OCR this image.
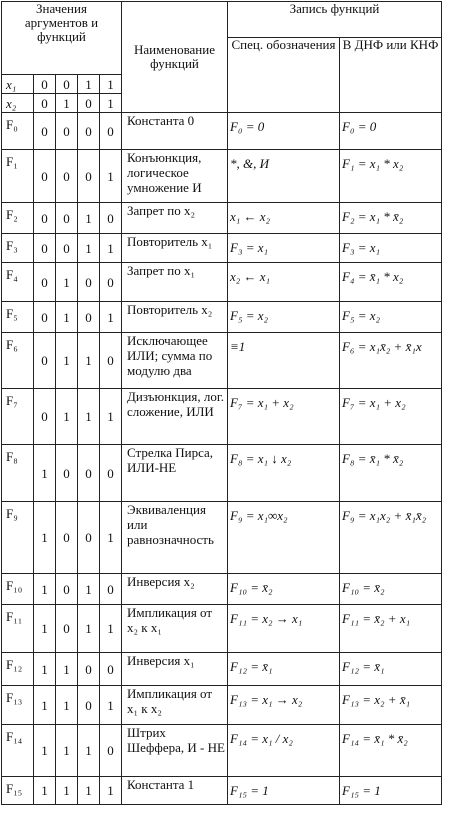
Значения аргументов и функций					Наименование функций	Запись функций	
						Спец. обозначения	В ДНФ или КНФ
x₁	0	0	1	1			
x₂	0	1	0	1			
F₀	0	0	0	0	Константа 0	F₀ = 0	F₀ = 0
F₁	0	0	0	1	Конъюнкция, логическое умножение И	*, &, И	F₁ = x₁ * x₂
F₂	0	0	1	0	Запрет по x₂	x₁ ← x₂	F₂ = x₁ * x̄₂
F₃	0	0	1	1	Повторитель x₁	F₃ = x₁	F₃ = x₁
F₄	0	1	0	0	Запрет по x₁	x₂ ← x₁	F₄ = x̄₁ * x₂
F₅	0	1	0	1	Повторитель x₂	F₅ = x₂	F₅ = x₂
F₆	0	1	1	0	Исключающее ИЛИ; сумма по модулю два	≡1	F₆ = x₁x̄₂ + x̄₁x
F₇	0	1	1	1	Дизъюнкция, лог. сложение, ИЛИ	F₇ = x₁ + x₂	F₇ = x₁ + x₂
F₈	1	0	0	0	Стрелка Пирса, ИЛИ-НЕ	F₈ = x₁ ↓ x₂	F₈ = x̄₁ * x̄₂
F₉	1	0	0	1	Эквиваленция или равнозначность	F₉ = x₁∞x₂	F₉ = x₁x₂ + x̄₁x̄₂
F₁₀	1	0	1	0	Инверсия x₂	F₁₀ = x̄₂	F₁₀ = x̄₂
F₁₁	1	0	1	1	Импликация от x₂ к x₁	F₁₁ = x₂ → x₁	F₁₁ = x̄₂ + x₁
F₁₂	1	1	0	0	Инверсия x₁	F₁₂ = x̄₁	F₁₂ = x̄₁
F₁₃	1	1	0	1	Импликация от x₁ к x₂	F₁₃ = x₁ → x₂	F₁₃ = x₂ + x̄₁
F₁₄	1	1	1	0	Штрих Шеффера, И - НЕ	F₁₄ = x₁ / x₂	F₁₄ = x̄₁ * x̄₂
F₁₅	1	1	1	1	Константа 1	F₁₅ = 1	F₁₅ = 1
